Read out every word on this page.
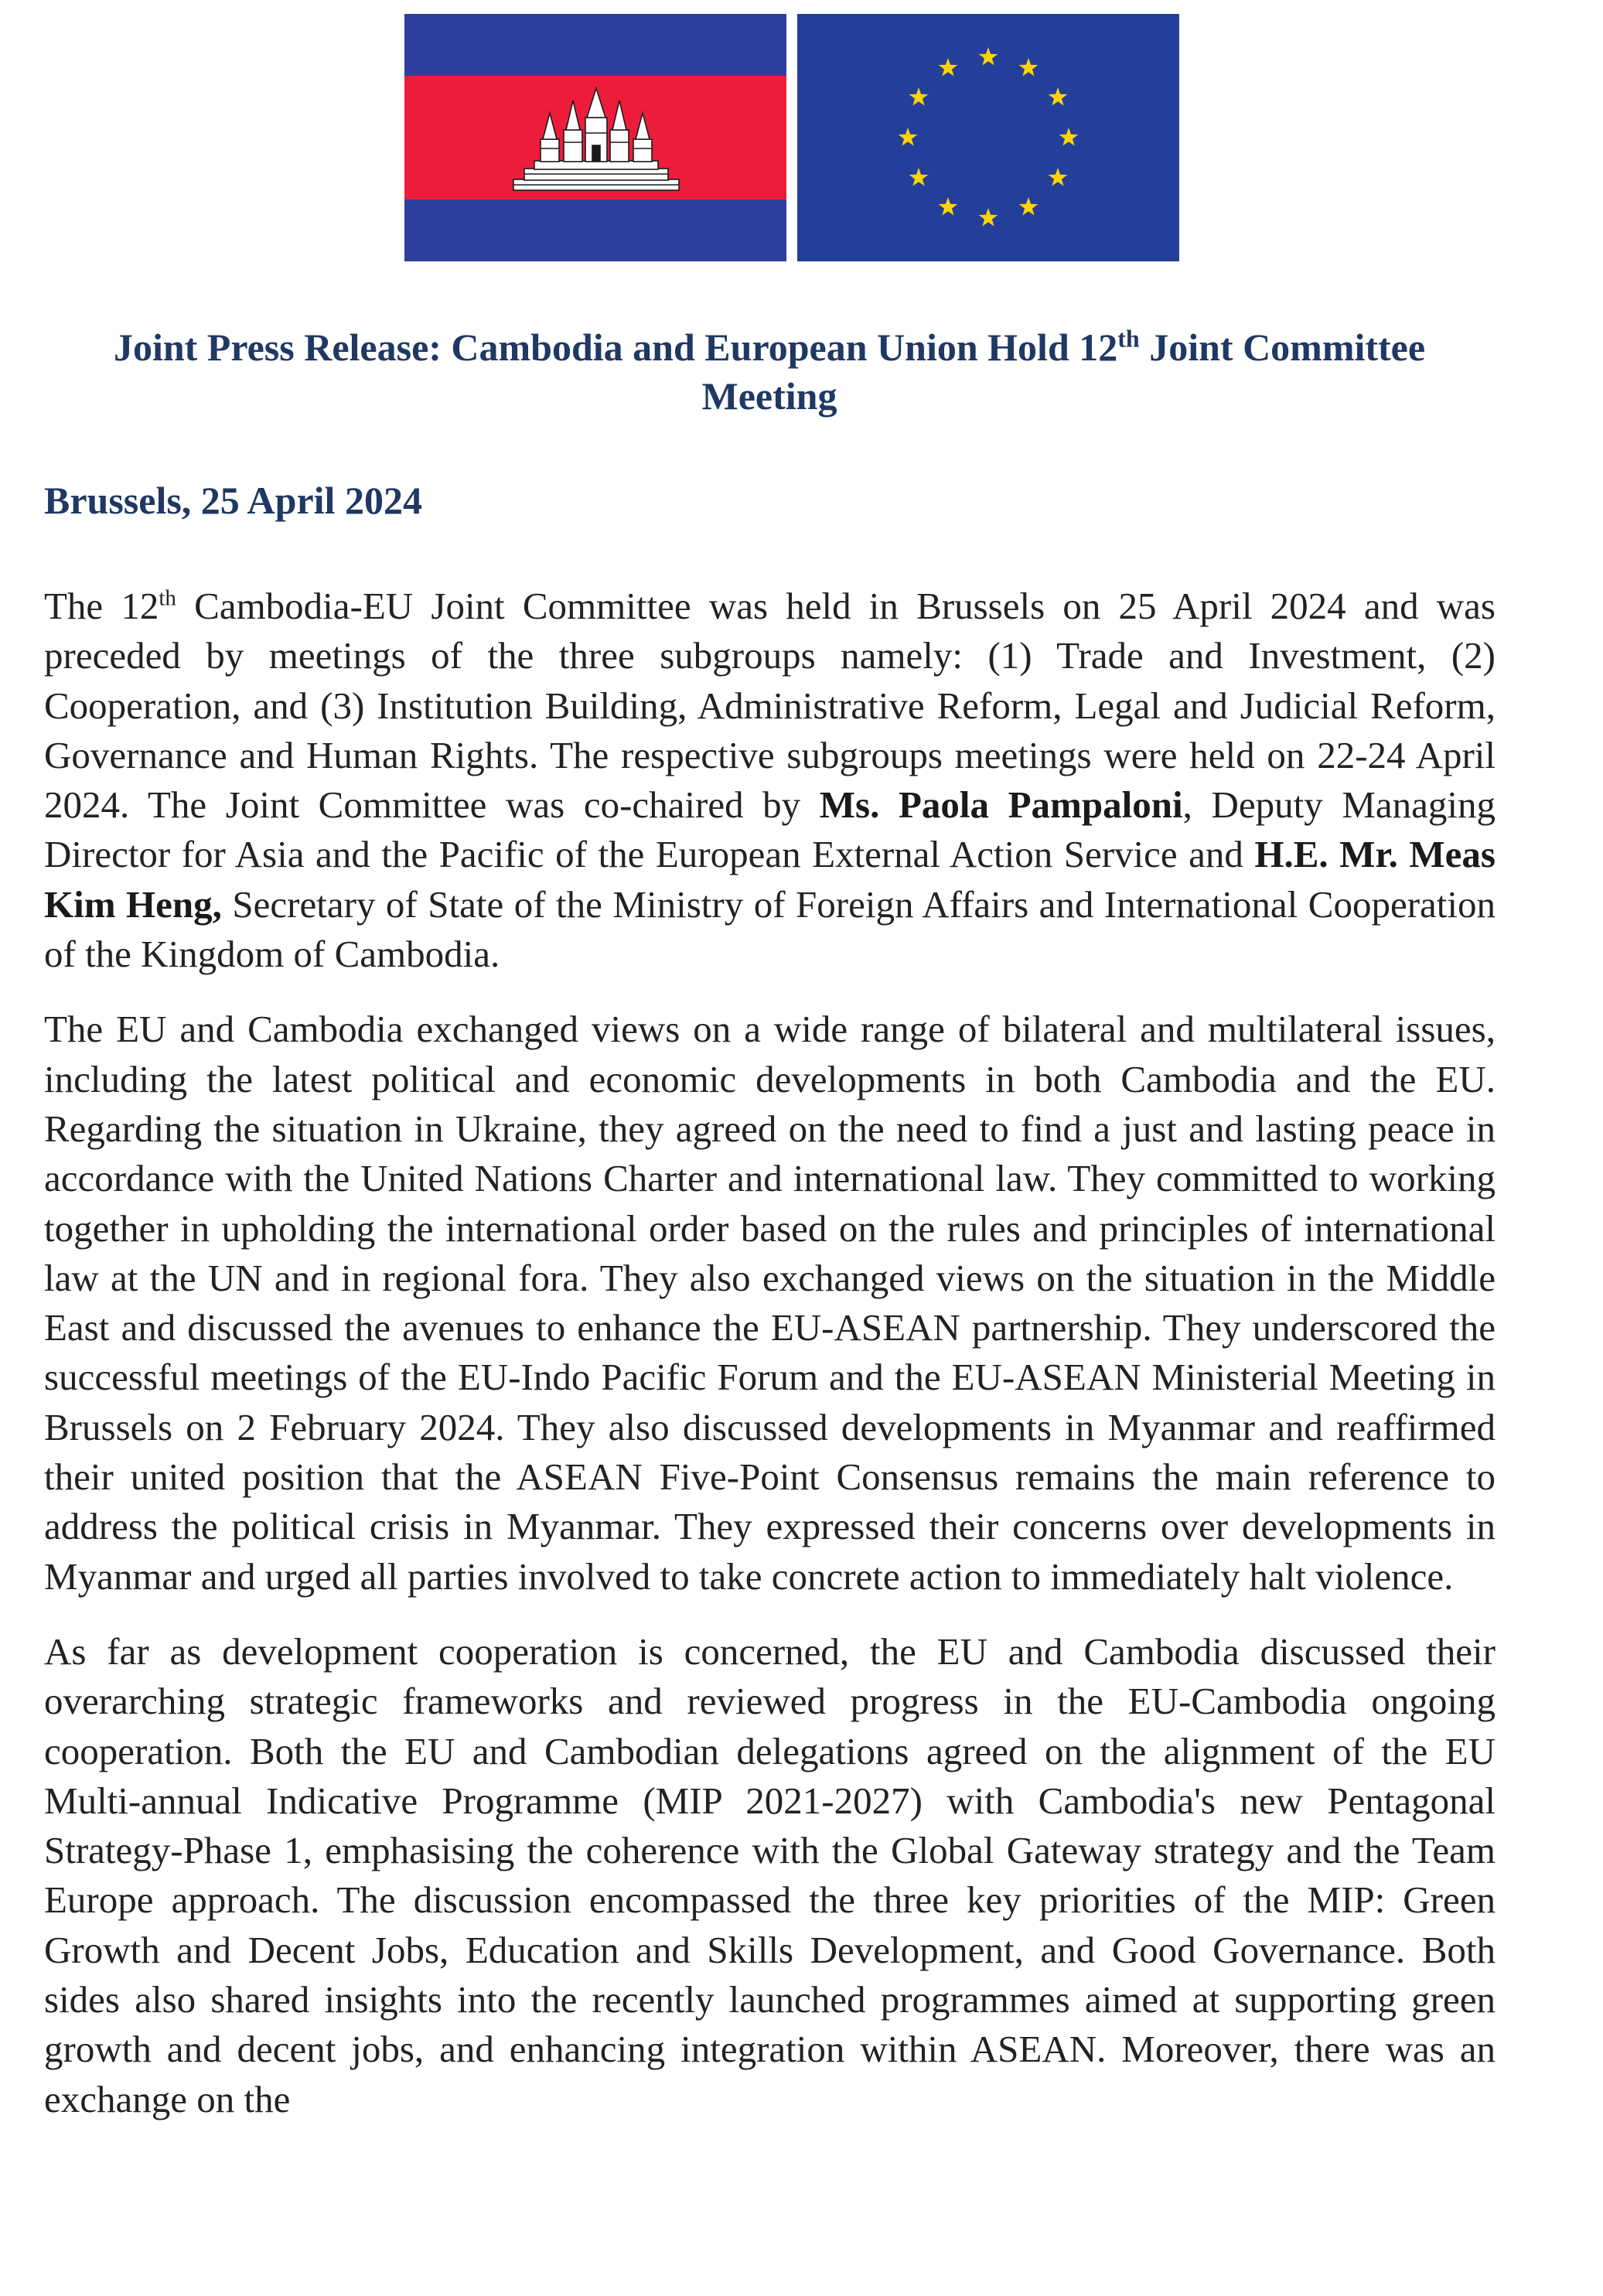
Joint Press Release: Cambodia and European Union Hold 12th Joint Committee Meeting

Brussels, 25 April 2024

The 12th Cambodia-EU Joint Committee was held in Brussels on 25 April 2024 and was preceded by meetings of the three subgroups namely: (1) Trade and Investment, (2) Cooperation, and (3) Institution Building, Administrative Reform, Legal and Judicial Reform, Governance and Human Rights. The respective subgroups meetings were held on 22-24 April 2024. The Joint Committee was co-chaired by Ms. Paola Pampaloni, Deputy Managing Director for Asia and the Pacific of the European External Action Service and H.E. Mr. Meas Kim Heng, Secretary of State of the Ministry of Foreign Affairs and International Cooperation of the Kingdom of Cambodia.

The EU and Cambodia exchanged views on a wide range of bilateral and multilateral issues, including the latest political and economic developments in both Cambodia and the EU. Regarding the situation in Ukraine, they agreed on the need to find a just and lasting peace in accordance with the United Nations Charter and international law. They committed to working together in upholding the international order based on the rules and principles of international law at the UN and in regional fora. They also exchanged views on the situation in the Middle East and discussed the avenues to enhance the EU-ASEAN partnership. They underscored the successful meetings of the EU-Indo Pacific Forum and the EU-ASEAN Ministerial Meeting in Brussels on 2 February 2024. They also discussed developments in Myanmar and reaffirmed their united position that the ASEAN Five-Point Consensus remains the main reference to address the political crisis in Myanmar. They expressed their concerns over developments in Myanmar and urged all parties involved to take concrete action to immediately halt violence.

As far as development cooperation is concerned, the EU and Cambodia discussed their overarching strategic frameworks and reviewed progress in the EU-Cambodia ongoing cooperation. Both the EU and Cambodian delegations agreed on the alignment of the EU Multi-annual Indicative Programme (MIP 2021-2027) with Cambodia's new Pentagonal Strategy-Phase 1, emphasising the coherence with the Global Gateway strategy and the Team Europe approach. The discussion encompassed the three key priorities of the MIP: Green Growth and Decent Jobs, Education and Skills Development, and Good Governance. Both sides also shared insights into the recently launched programmes aimed at supporting green growth and decent jobs, and enhancing integration within ASEAN. Moreover, there was an exchange on the
